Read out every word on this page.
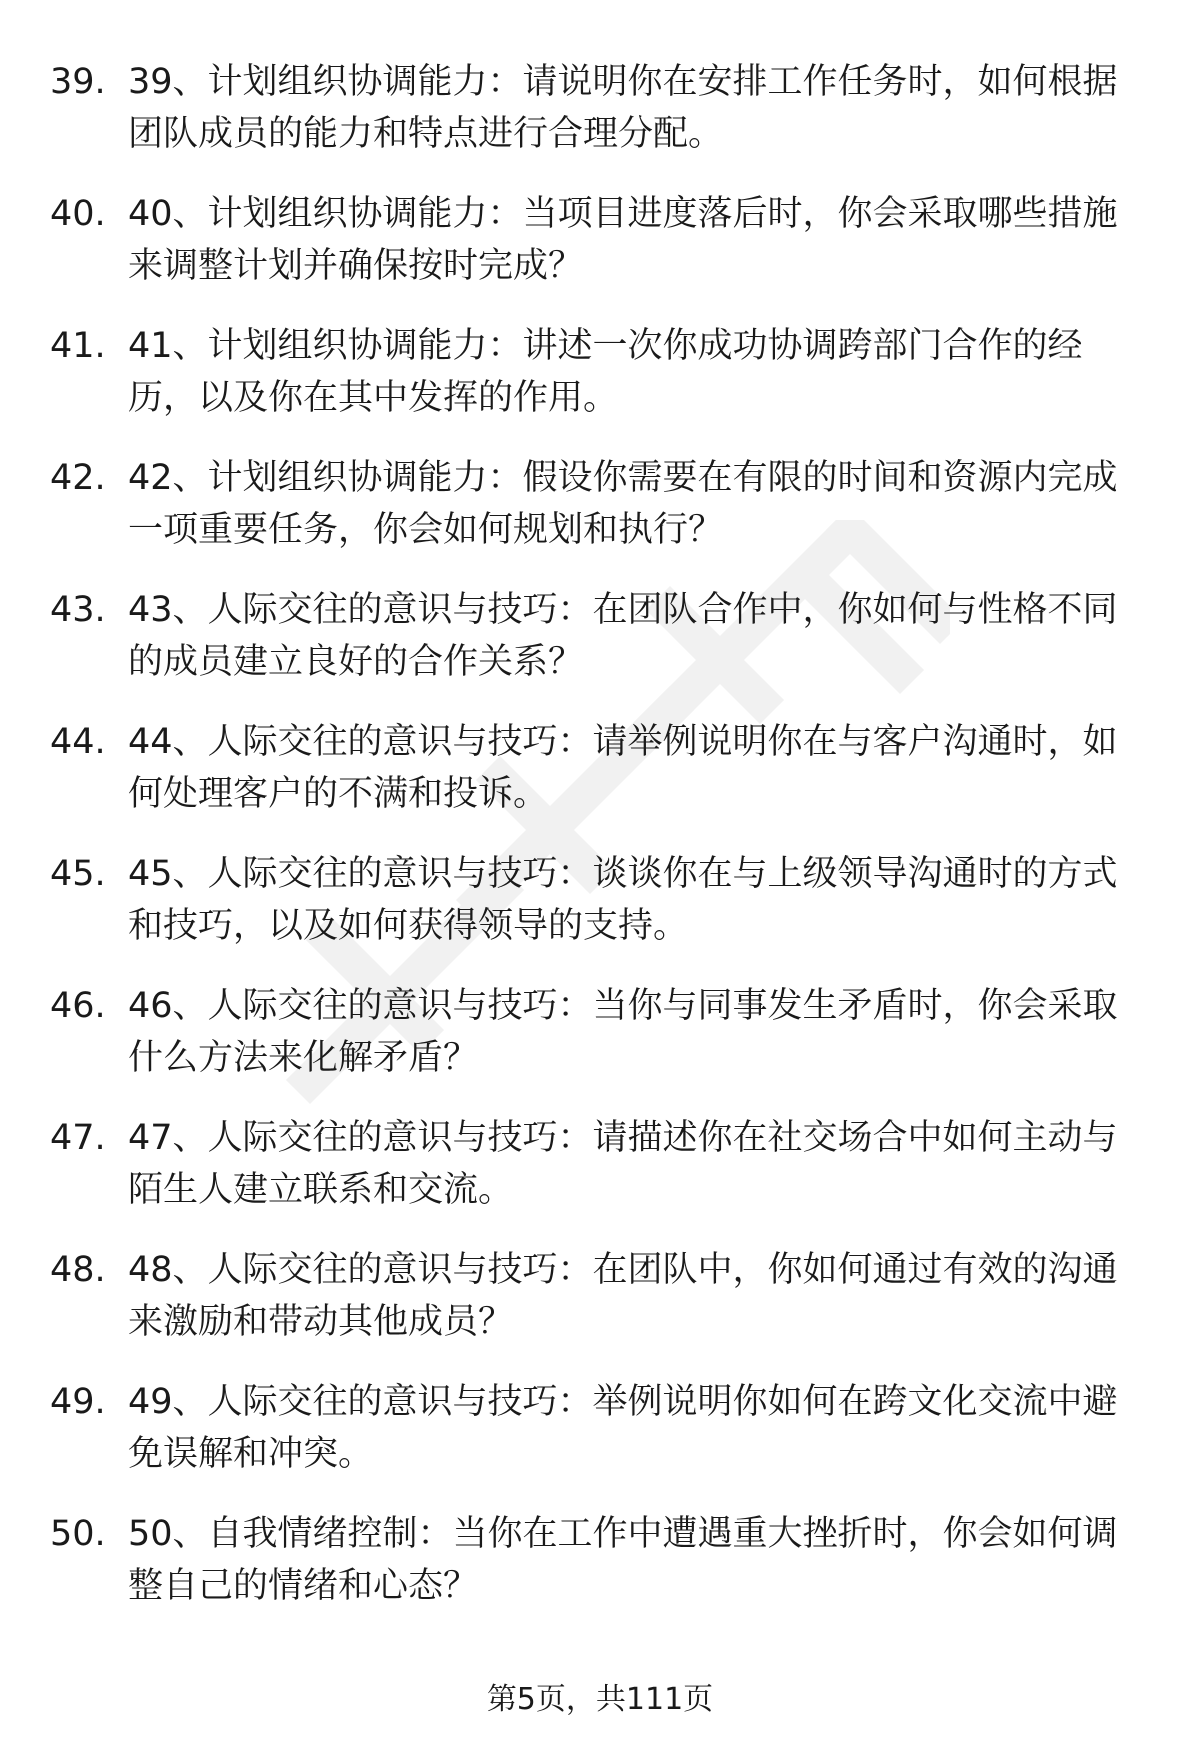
39. 39、计划组织协调能力：请说明你在安排工作任务时，如何根据
团队成员的能力和特点进行合理分配。
40. 40、计划组织协调能力：当项目进度落后时，你会采取哪些措施
来调整计划并确保按时完成？
41. 41、计划组织协调能力：讲述一次你成功协调跨部门合作的经
历，以及你在其中发挥的作用。
42. 42、计划组织协调能力：假设你需要在有限的时间和资源内完成
一项重要任务，你会如何规划和执行？
43. 43、人际交往的意识与技巧：在团队合作中，你如何与性格不同
的成员建立良好的合作关系？
44. 44、人际交往的意识与技巧：请举例说明你在与客户沟通时，如
何处理客户的不满和投诉。
45. 45、人际交往的意识与技巧：谈谈你在与上级领导沟通时的方式
和技巧，以及如何获得领导的支持。
46. 46、人际交往的意识与技巧：当你与同事发生矛盾时，你会采取
什么方法来化解矛盾？
47. 47、人际交往的意识与技巧：请描述你在社交场合中如何主动与
陌生人建立联系和交流。
48. 48、人际交往的意识与技巧：在团队中，你如何通过有效的沟通
来激励和带动其他成员？
49. 49、人际交往的意识与技巧：举例说明你如何在跨文化交流中避
免误解和冲突。
50. 50、自我情绪控制：当你在工作中遭遇重大挫折时，你会如何调
整自己的情绪和心态？
第5页，共111页
